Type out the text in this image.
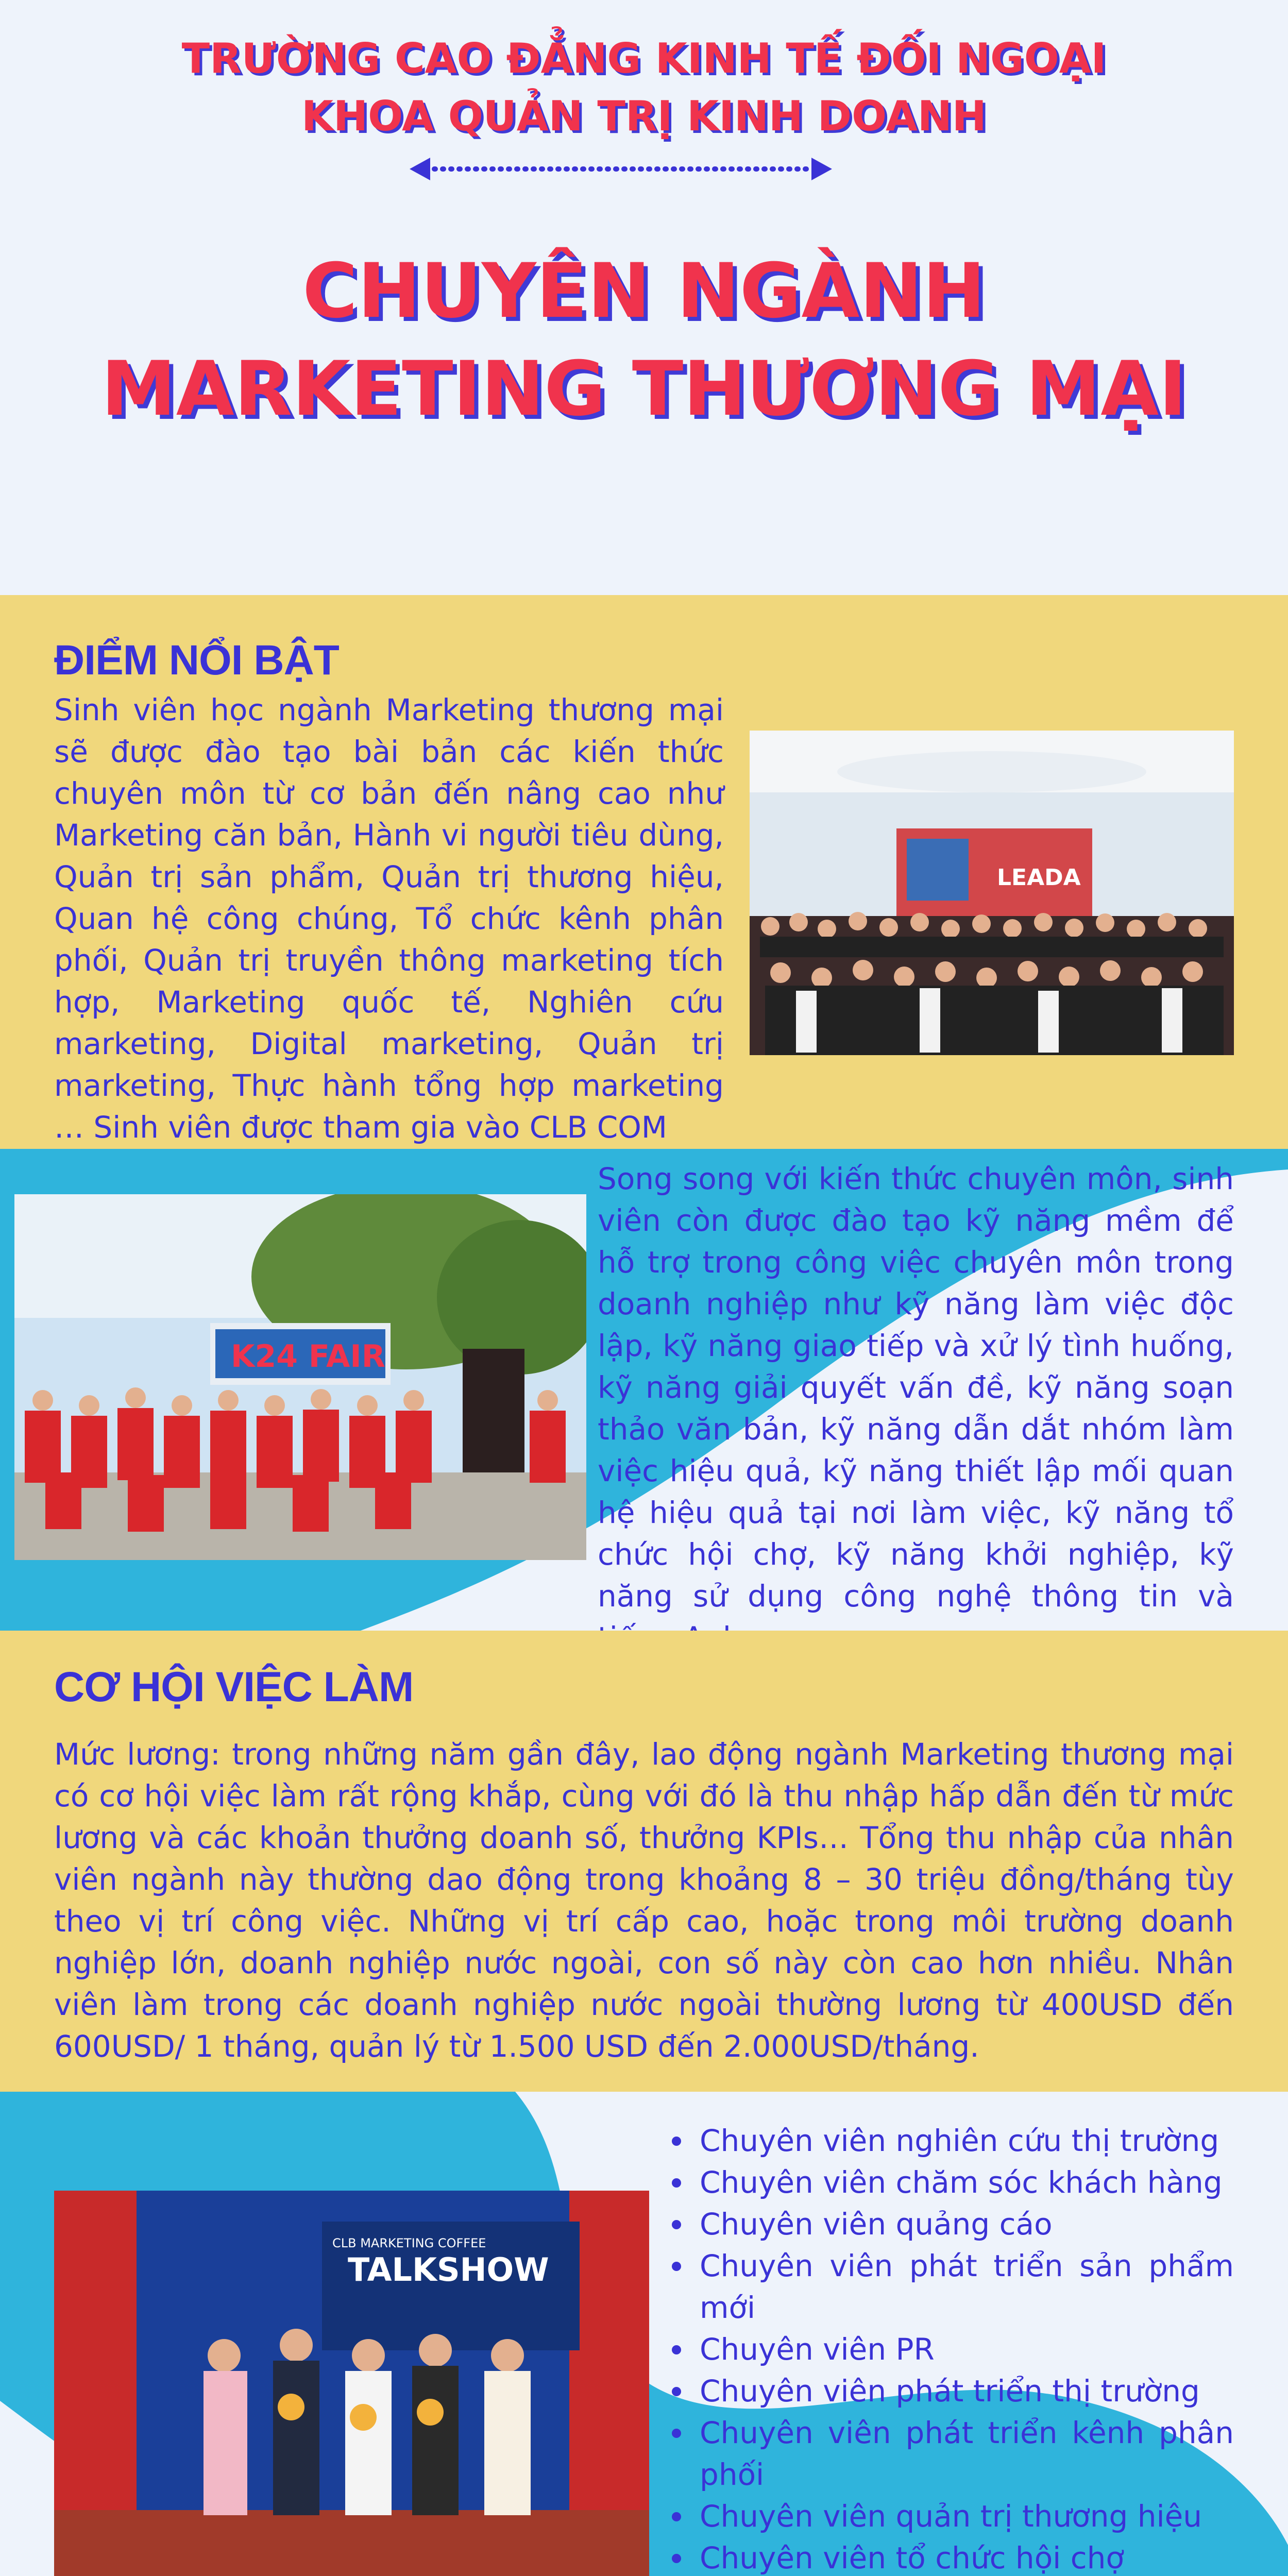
TRƯỜNG CAO ĐẲNG KINH TẾ ĐỐI NGOẠI
KHOA QUẢN TRỊ KINH DOANH
CHUYÊN NGÀNH
MARKETING THƯƠNG MẠI
ĐIỂM NỔI BẬT
Sinh viên học ngành Marketing thương mại sẽ được đào tạo bài bản các kiến thức chuyên môn từ cơ bản đến nâng cao như Marketing căn bản, Hành vi người tiêu dùng, Quản trị sản phẩm, Quản trị thương hiệu, Quan hệ công chúng, Tổ chức kênh phân phối, Quản trị truyền thông marketing tích hợp, Marketing quốc tế, Nghiên cứu marketing, Digital marketing, Quản trị marketing, Thực hành tổng hợp marketing … Sinh viên được tham gia vào CLB COM
LEADA
K24 FAIR
Song song với kiến thức chuyên môn, sinh viên còn được đào tạo kỹ năng mềm để hỗ trợ trong công việc chuyên môn trong doanh nghiệp như kỹ năng làm việc độc lập, kỹ năng giao tiếp và xử lý tình huống, kỹ năng giải quyết vấn đề, kỹ năng soạn thảo văn bản, kỹ năng dẫn dắt nhóm làm việc hiệu quả, kỹ năng thiết lập mối quan hệ hiệu quả tại nơi làm việc, kỹ năng tổ chức hội chợ, kỹ năng khởi nghiệp, kỹ năng sử dụng công nghệ thông tin và
CƠ HỘI VIỆC LÀM
Mức lương: trong những năm gần đây, lao động ngành Marketing thương mại có cơ hội việc làm rất rộng khắp, cùng với đó là thu nhập hấp dẫn đến từ mức lương và các khoản thưởng doanh số, thưởng KPIs… Tổng thu nhập của nhân viên ngành này thường dao động trong khoảng 8 – 30 triệu đồng/tháng tùy theo vị trí công việc. Những vị trí cấp cao, hoặc trong môi trường doanh nghiệp lớn, doanh nghiệp nước ngoài, con số này còn cao hơn nhiều. Nhân viên làm trong các doanh nghiệp nước ngoài thường lương từ 400USD đến 600USD/ 1 tháng, quản lý từ 1.500 USD đến 2.000USD/tháng.
CLB MARKETING COFFEE
TALKSHOW
Chuyên viên nghiên cứu thị trường
Chuyên viên chăm sóc khách hàng
Chuyên viên quảng cáo
Chuyên viên phát triển sản phẩm mới
Chuyên viên PR
Chuyên viên phát triển thị trường
Chuyên viên phát triển kênh phân phối
Chuyên viên quản trị thương hiệu
Chuyên viên tổ chức hội chợ
